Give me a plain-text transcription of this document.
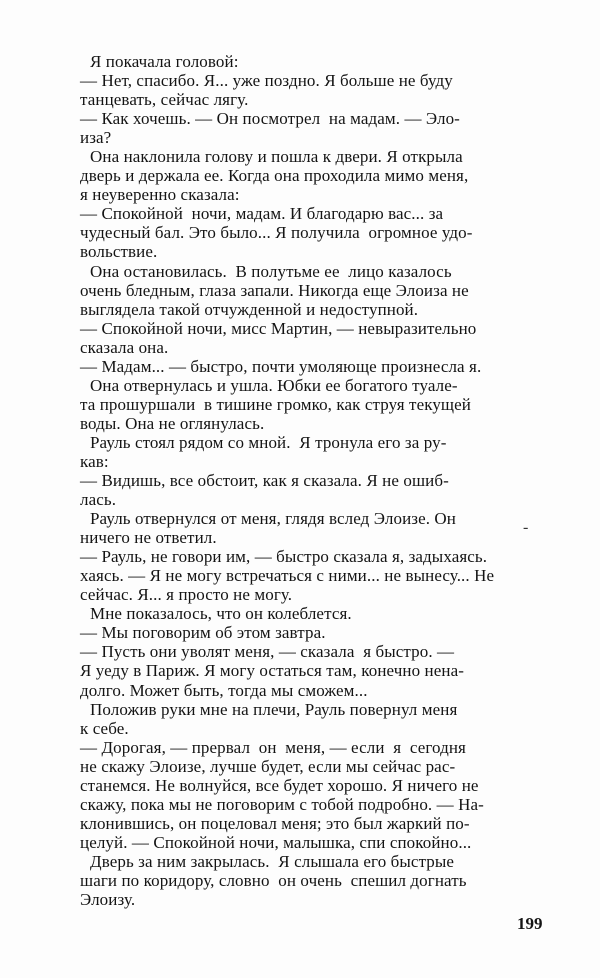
Я покачала головой:
— Нет, спасибо. Я... уже поздно. Я больше не буду
танцевать, сейчас лягу.
— Как хочешь. — Он посмотрел  на мадам. — Эло-
иза?
Она наклонила голову и пошла к двери. Я открыла
дверь и держала ее. Когда она проходила мимо меня,
я неуверенно сказала:
— Спокойной  ночи, мадам. И благодарю вас... за
чудесный бал. Это было... Я получила  огромное удо-
вольствие.
Она остановилась.  В полутьме ее  лицо казалось
очень бледным, глаза запали. Никогда еще Элоиза не
выглядела такой отчужденной и недоступной.
— Спокойной ночи, мисс Мартин, — невыразительно
сказала она.
— Мадам... — быстро, почти умоляюще произнесла я.
Она отвернулась и ушла. Юбки ее богатого туале-
та прошуршали  в тишине громко, как струя текущей
воды. Она не оглянулась.
Рауль стоял рядом со мной.  Я тронула его за ру-
кав:
— Видишь, все обстоит, как я сказала. Я не ошиб-
лась.
Рауль отвернулся от меня, глядя вслед Элоизе. Он
ничего не ответил.
— Рауль, не говори им, — быстро сказала я, задыхаясь.
хаясь. — Я не могу встречаться с ними... не вынесу... Не
сейчас. Я... я просто не могу.
Мне показалось, что он колеблется.
— Мы поговорим об этом завтра.
— Пусть они уволят меня, — сказала  я быстро. —
Я уеду в Париж. Я могу остаться там, конечно нена-
долго. Может быть, тогда мы сможем...
Положив руки мне на плечи, Рауль повернул меня
к себе.
— Дорогая, — прервал  он  меня, — если  я  сегодня
не скажу Элоизе, лучше будет, если мы сейчас рас-
станемся. Не волнуйся, все будет хорошо. Я ничего не
скажу, пока мы не поговорим с тобой подробно. — На-
клонившись, он поцеловал меня; это был жаркий по-
целуй. — Спокойной ночи, малышка, спи спокойно...
Дверь за ним закрылась.  Я слышала его быстрые
шаги по коридору, словно  он очень  спешил догнать
Элоизу.
-
199
